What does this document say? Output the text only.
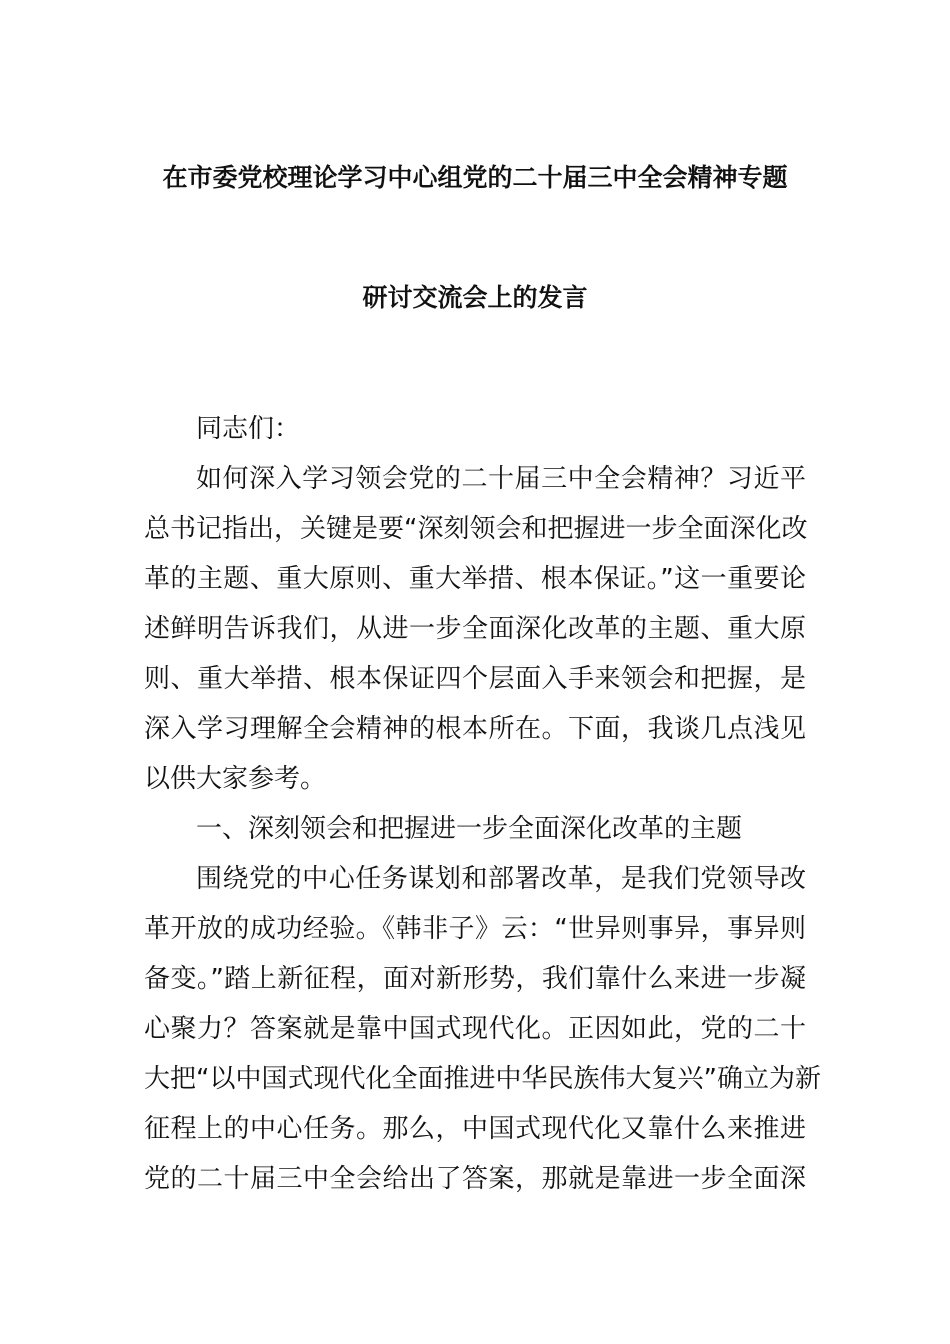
在市委党校理论学习中心组党的二十届三中全会精神专题
研讨交流会上的发言
同志们：
如何深入学习领会党的二十届三中全会精神？习近平
总书记指出，关键是要“深刻领会和把握进一步全面深化改
革的主题、重大原则、重大举措、根本保证。”这一重要论
述鲜明告诉我们，从进一步全面深化改革的主题、重大原
则、重大举措、根本保证四个层面入手来领会和把握，是
深入学习理解全会精神的根本所在。下面，我谈几点浅见
以供大家参考。
一、深刻领会和把握进一步全面深化改革的主题
围绕党的中心任务谋划和部署改革，是我们党领导改
革开放的成功经验。《韩非子》云：“世异则事异，事异则
备变。”踏上新征程，面对新形势，我们靠什么来进一步凝
心聚力？答案就是靠中国式现代化。正因如此，党的二十
大把“以中国式现代化全面推进中华民族伟大复兴”确立为新
征程上的中心任务。那么，中国式现代化又靠什么来推进
党的二十届三中全会给出了答案，那就是靠进一步全面深
